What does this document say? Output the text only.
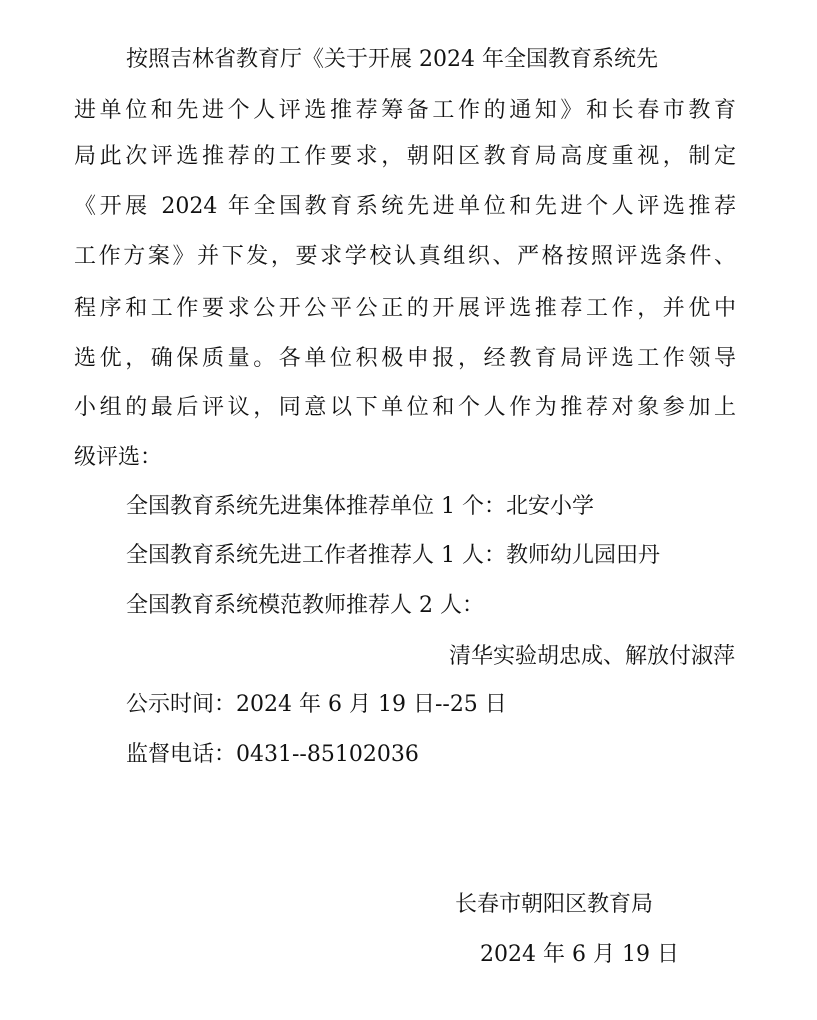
按照吉林省教育厅《关于开展 2024 年全国教育系统先
进单位和先进个人评选推荐筹备工作的通知》和长春市教育
局此次评选推荐的工作要求，朝阳区教育局高度重视，制定
《开展 2024 年全国教育系统先进单位和先进个人评选推荐
工作方案》并下发，要求学校认真组织、严格按照评选条件、
程序和工作要求公开公平公正的开展评选推荐工作，并优中
选优，确保质量。各单位积极申报，经教育局评选工作领导
小组的最后评议，同意以下单位和个人作为推荐对象参加上
级评选：
全国教育系统先进集体推荐单位 1 个：北安小学
全国教育系统先进工作者推荐人 1 人：教师幼儿园田丹
全国教育系统模范教师推荐人 2 人：
清华实验胡忠成、解放付淑萍
公示时间：2024 年 6 月 19 日--25 日
监督电话：0431--85102036
长春市朝阳区教育局
2024 年 6 月 19 日
